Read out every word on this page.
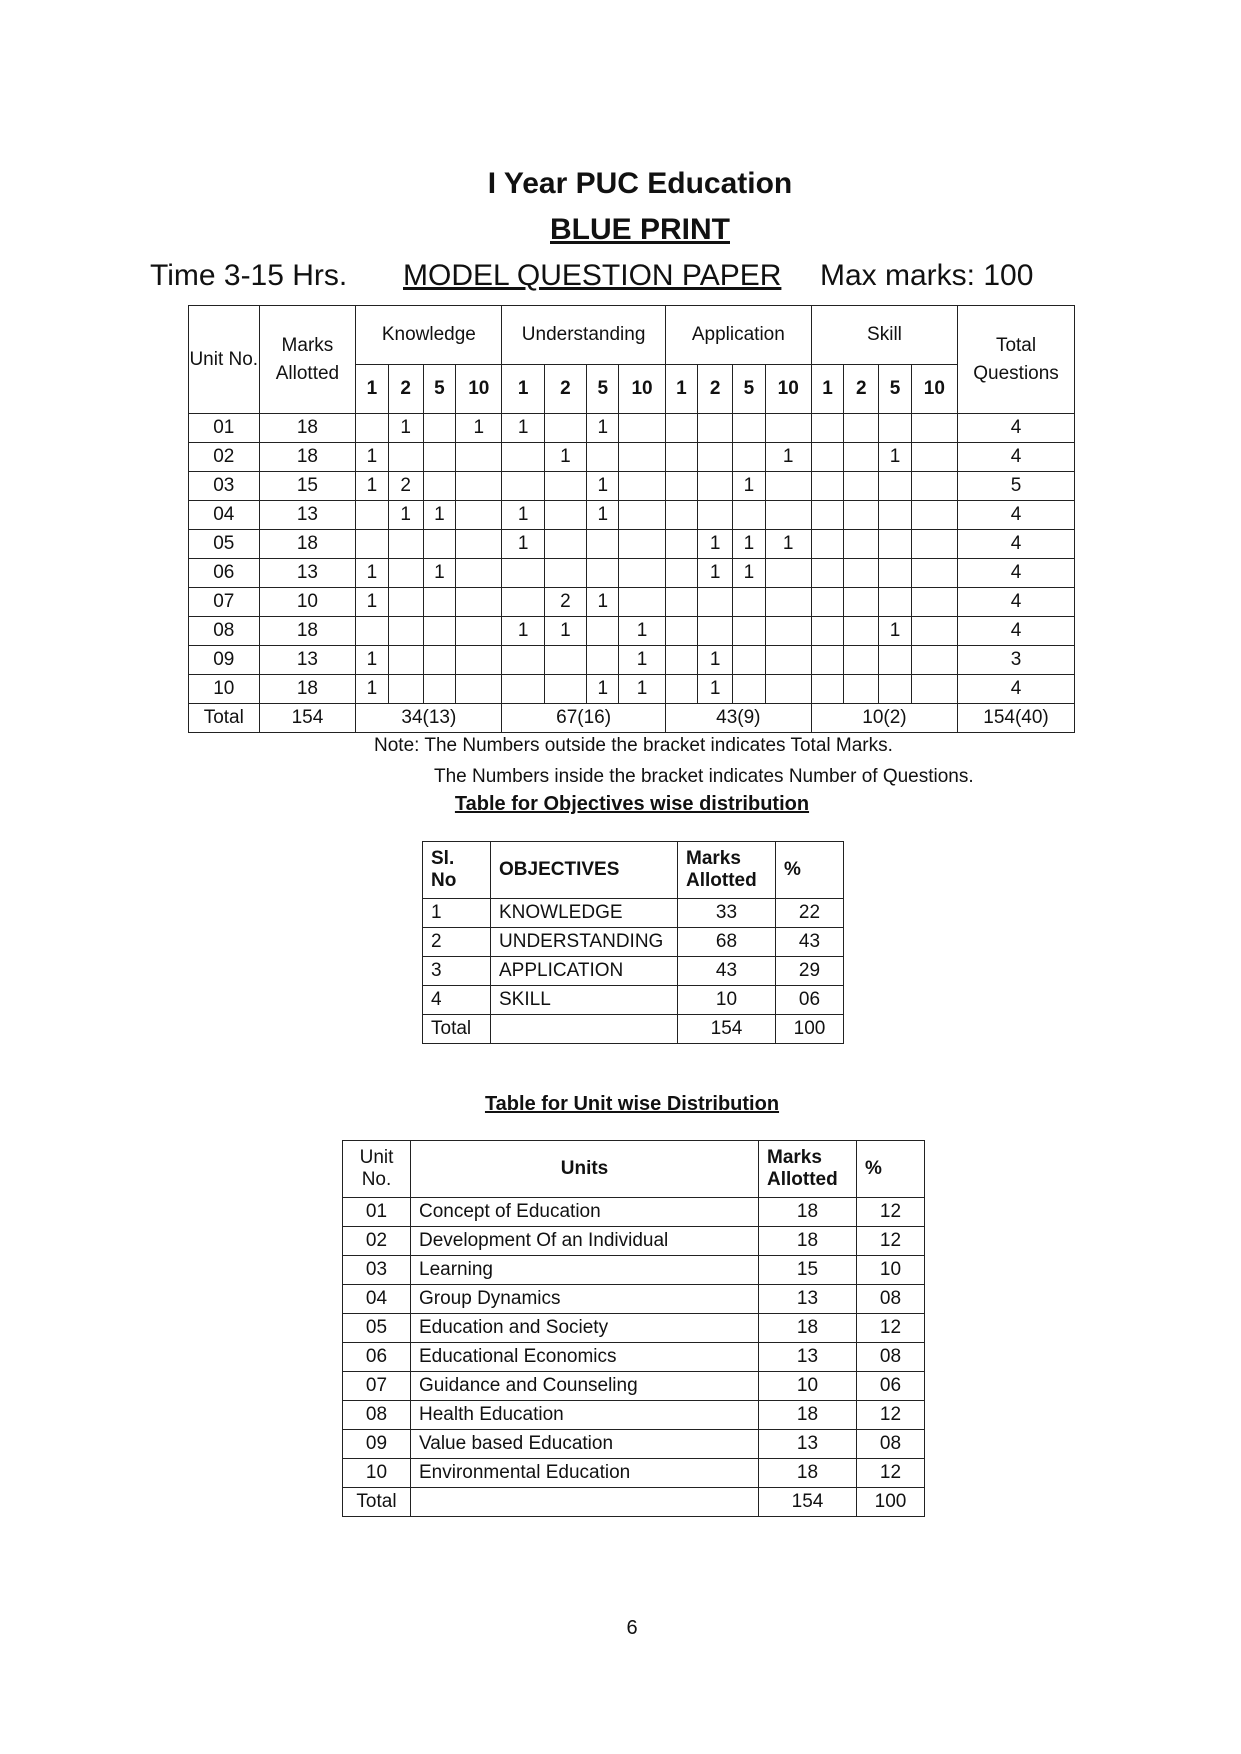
I Year PUC Education
BLUE PRINT
Time 3-15 Hrs. MODEL QUESTION PAPER Max marks: 100
Unit No.	Marks Allotted	Knowledge				Understanding				Application				Skill				Total Questions
		1	2	5	10	1	2	5	10	1	2	5	10	1	2	5	10	
01	18		1		1	1		1										4
02	18	1					1						1			1		4
03	15	1	2					1				1						5
04	13		1	1		1		1										4
05	18					1					1	1	1					4
06	13	1		1							1	1						4
07	10	1					2	1										4
08	18					1	1		1							1		4
09	13	1							1		1							3
10	18	1						1	1		1							4
Total	154	34(13)				67(16)				43(9)				10(2)				154(40)

Note: The Numbers outside the bracket indicates Total Marks.

The Numbers inside the bracket indicates Number of Questions.

Table for Objectives wise distribution

Sl. No	OBJECTIVES	Marks Allotted	%
1	KNOWLEDGE	33	22
2	UNDERSTANDING	68	43
3	APPLICATION	43	29
4	SKILL	10	06
Total		154	100

Table for Unit wise Distribution

Unit No.	Units	Marks Allotted	%
01	Concept of Education	18	12
02	Development Of an Individual	18	12
03	Learning	15	10
04	Group Dynamics	13	08
05	Education and Society	18	12
06	Educational Economics	13	08
07	Guidance and Counseling	10	06
08	Health Education	18	12
09	Value based Education	13	08
10	Environmental Education	18	12
Total		154	100

6
